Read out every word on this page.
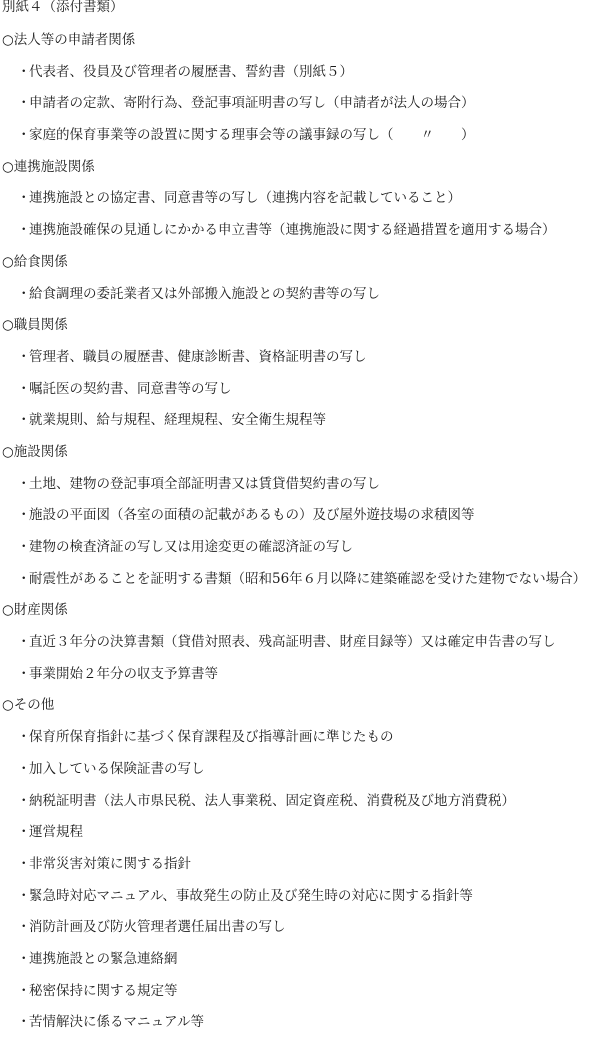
別紙４（添付書類）
○法人等の申請者関係
・代表者、役員及び管理者の履歴書、誓約書（別紙５）
・申請者の定款、寄附行為、登記事項証明書の写し（申請者が法人の場合）
・家庭的保育事業等の設置に関する理事会等の議事録の写し（　　〃　　）
○連携施設関係
・連携施設との協定書、同意書等の写し（連携内容を記載していること）
・連携施設確保の見通しにかかる申立書等（連携施設に関する経過措置を適用する場合）
○給食関係
・給食調理の委託業者又は外部搬入施設との契約書等の写し
○職員関係
・管理者、職員の履歴書、健康診断書、資格証明書の写し
・嘱託医の契約書、同意書等の写し
・就業規則、給与規程、経理規程、安全衛生規程等
○施設関係
・土地、建物の登記事項全部証明書又は賃貸借契約書の写し
・施設の平面図（各室の面積の記載があるもの）及び屋外遊技場の求積図等
・建物の検査済証の写し又は用途変更の確認済証の写し
・耐震性があることを証明する書類（昭和56年６月以降に建築確認を受けた建物でない場合）
○財産関係
・直近３年分の決算書類（貸借対照表、残高証明書、財産目録等）又は確定申告書の写し
・事業開始２年分の収支予算書等
○その他
・保育所保育指針に基づく保育課程及び指導計画に準じたもの
・加入している保険証書の写し
・納税証明書（法人市県民税、法人事業税、固定資産税、消費税及び地方消費税）
・運営規程
・非常災害対策に関する指針
・緊急時対応マニュアル、事故発生の防止及び発生時の対応に関する指針等
・消防計画及び防火管理者選任届出書の写し
・連携施設との緊急連絡網
・秘密保持に関する規定等
・苦情解決に係るマニュアル等
